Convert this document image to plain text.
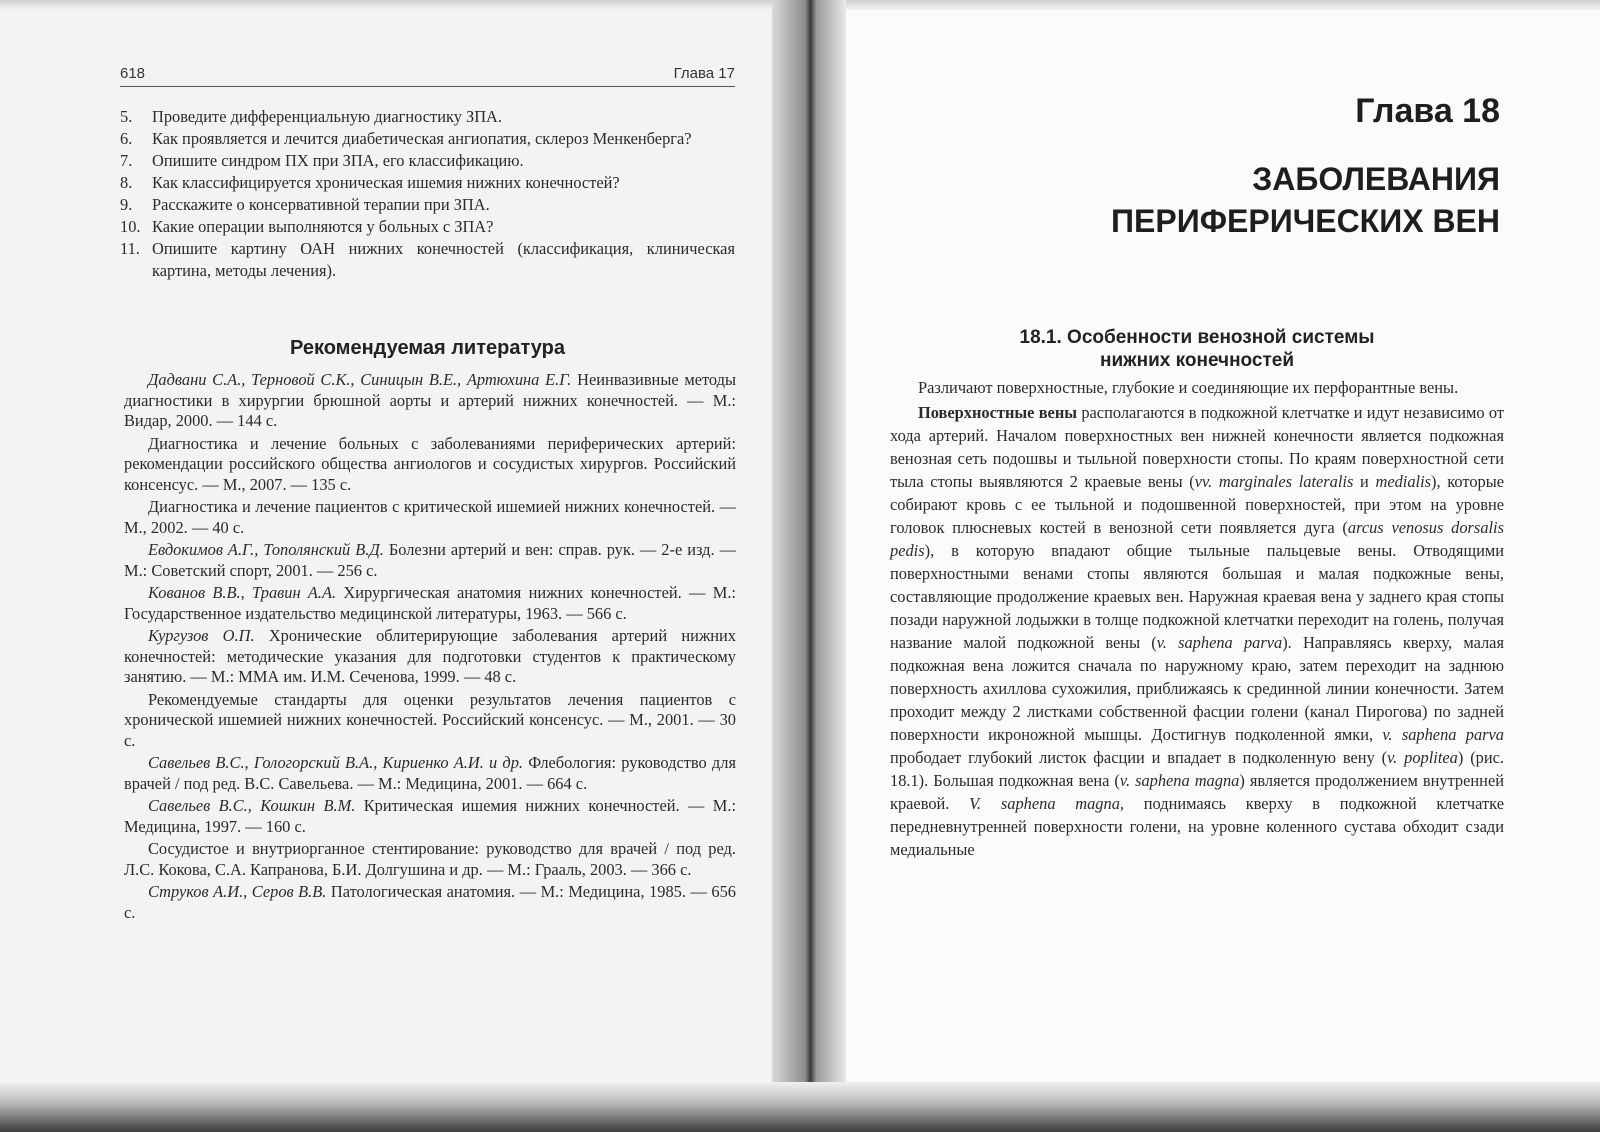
618	Глава 17
5.	Проведите дифференциальную диагностику ЗПА.
6.	Как проявляется и лечится диабетическая ангиопатия, склероз Менкенберга?
7.	Опишите синдром ПХ при ЗПА, его классификацию.
8.	Как классифицируется хроническая ишемия нижних конечностей?
9.	Расскажите о консервативной терапии при ЗПА.
10. Какие операции выполняются у больных с ЗПА?
11. Опишите картину ОАН нижних конечностей (классификация, клиническая картина, методы лечения).
Рекомендуемая литература

Дадвани С.А., Терновой С.К., Синицын В.Е., Артюхина Е.Г. Неинвазивные методы диагностики в хирургии брюшной аорты и артерий нижних конечностей. — М.: Видар, 2000. — 144 с.

Диагностика и лечение больных с заболеваниями периферических артерий: рекомендации российского общества ангиологов и сосудистых хирургов. Российский консенсус. — М., 2007. — 135 с.

Диагностика и лечение пациентов с критической ишемией нижних конечностей. — М., 2002. — 40 с.

Евдокимов А.Г., Тополянский В.Д. Болезни артерий и вен: справ. рук. — 2-е изд. — М.: Советский спорт, 2001. — 256 с.

Кованов В.В., Травин А.А. Хирургическая анатомия нижних конечностей. — М.: Государственное издательство медицинской литературы, 1963. — 566 с.

Кургузов О.П. Хронические облитерирующие заболевания артерий нижних конечностей: методические указания для подготовки студентов к практическому занятию. — М.: ММА им. И.М. Сеченова, 1999. — 48 с.

Рекомендуемые стандарты для оценки результатов лечения пациентов с хронической ишемией нижних конечностей. Российский консенсус. — М., 2001. — 30 с.

Савельев В.С., Гологорский В.А., Кириенко А.И. и др. Флебология: руководство для врачей / под ред. В.С. Савельева. — М.: Медицина, 2001. — 664 с.

Савельев В.С., Кошкин В.М. Критическая ишемия нижних конечностей. — М.: Медицина, 1997. — 160 с.

Сосудистое и внутриорганное стентирование: руководство для врачей / под ред. Л.С. Кокова, С.А. Капранова, Б.И. Долгушина и др. — М.: Грааль, 2003. — 366 с.

Струков А.И., Серов В.В. Патологическая анатомия. — М.: Медицина, 1985. — 656 с.

Глава 18
ЗАБОЛЕВАНИЯ
ПЕРИФЕРИЧЕСКИХ ВЕН
18.1. Особенности венозной системы
нижних конечностей

Различают поверхностные, глубокие и соединяющие их перфорантные вены.

Поверхностные вены располагаются в подкожной клетчатке и идут независимо от хода артерий. Началом поверхностных вен нижней конечности является подкожная венозная сеть подошвы и тыльной поверхности стопы. По краям поверхностной сети тыла стопы выявляются 2 краевые вены (vv. marginales lateralis и medialis), которые собирают кровь с ее тыльной и подошвенной поверхностей, при этом на уровне головок плюсневых костей в венозной сети появляется дуга (arcus venosus dorsalis pedis), в которую впадают общие тыльные пальцевые вены. Отводящими поверхностными венами стопы являются большая и малая подкожные вены, составляющие продолжение краевых вен. Наружная краевая вена у заднего края стопы позади наружной лодыжки в толще подкожной клетчатки переходит на голень, получая название малой подкожной вены (v. saphena parva). Направляясь кверху, малая подкожная вена ложится сначала по наружному краю, затем переходит на заднюю поверхность ахиллова сухожилия, приближаясь к срединной линии конечности. Затем проходит между 2 листками собственной фасции голени (канал Пирогова) по задней поверхности икроножной мышцы. Достигнув подколенной ямки, v. saphena parva прободает глубокий листок фасции и впадает в подколенную вену (v. poplitea) (рис. 18.1). Большая подкожная вена (v. saphena magna) является продолжением внутренней краевой. V. saphena magna, поднимаясь кверху в подкожной клетчатке передневнутренней поверхности голени, на уровне коленного сустава обходит сзади медиальные
